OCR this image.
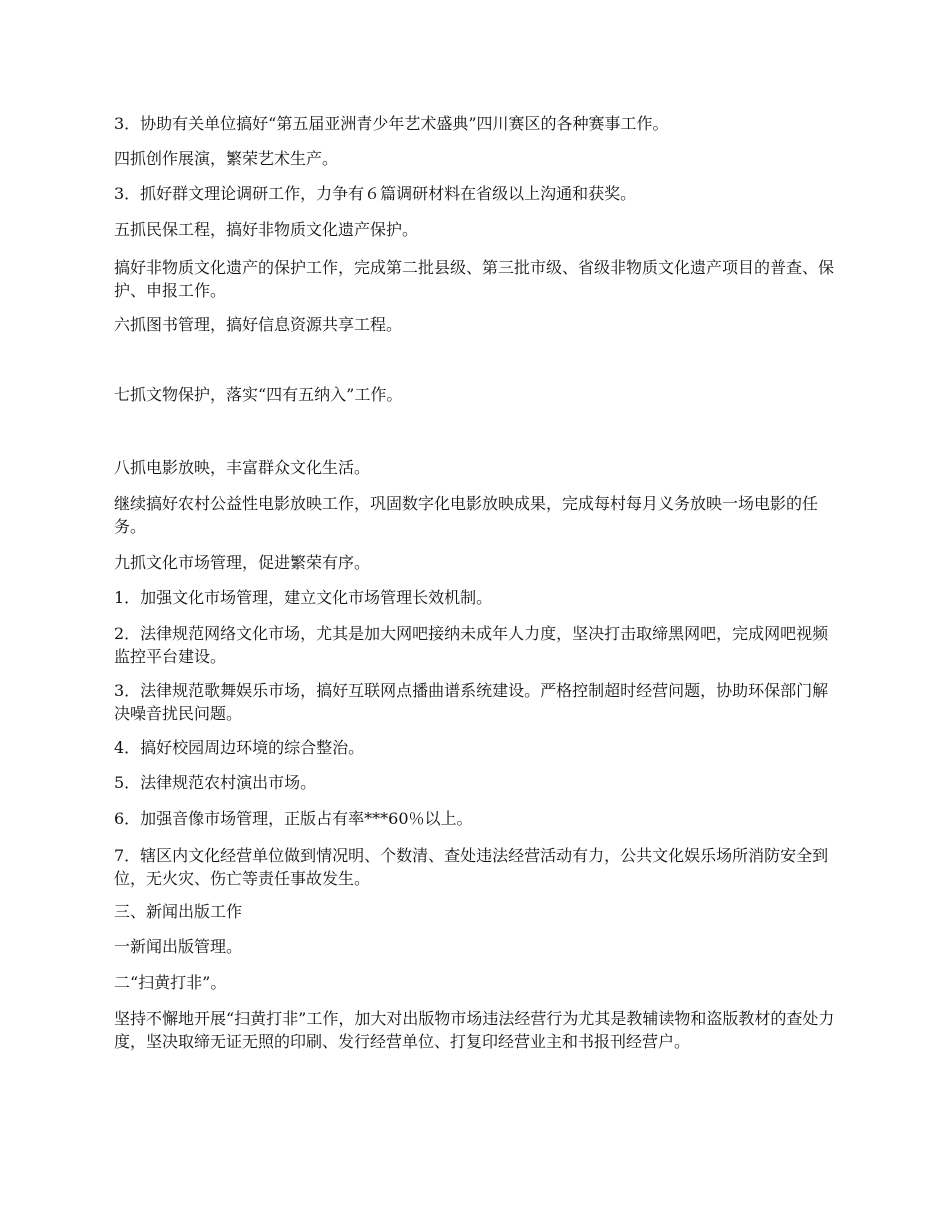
3．协助有关单位搞好“第五届亚洲青少年艺术盛典”四川赛区的各种赛事工作。

四抓创作展演，繁荣艺术生产。

3．抓好群文理论调研工作，力争有６篇调研材料在省级以上沟通和获奖。

五抓民保工程，搞好非物质文化遗产保护。

搞好非物质文化遗产的保护工作，完成第二批县级、第三批市级、省级非物质文化遗产项目的普查、保护、申报工作。

六抓图书管理，搞好信息资源共享工程。

七抓文物保护，落实“四有五纳入”工作。

八抓电影放映，丰富群众文化生活。

继续搞好农村公益性电影放映工作，巩固数字化电影放映成果，完成每村每月义务放映一场电影的任务。

九抓文化市场管理，促进繁荣有序。

1．加强文化市场管理，建立文化市场管理长效机制。

2．法律规范网络文化市场，尤其是加大网吧接纳未成年人力度，坚决打击取缔黑网吧，完成网吧视频监控平台建设。

3．法律规范歌舞娱乐市场，搞好互联网点播曲谱系统建设。严格控制超时经营问题，协助环保部门解决噪音扰民问题。

4．搞好校园周边环境的综合整治。

5．法律规范农村演出市场。

6．加强音像市场管理，正版占有率***60％以上。

7．辖区内文化经营单位做到情况明、个数清、查处违法经营活动有力，公共文化娱乐场所消防安全到位，无火灾、伤亡等责任事故发生。

三、新闻出版工作

一新闻出版管理。

二“扫黄打非”。

坚持不懈地开展“扫黄打非”工作，加大对出版物市场违法经营行为尤其是教辅读物和盗版教材的查处力度，坚决取缔无证无照的印刷、发行经营单位、打复印经营业主和书报刊经营户。
